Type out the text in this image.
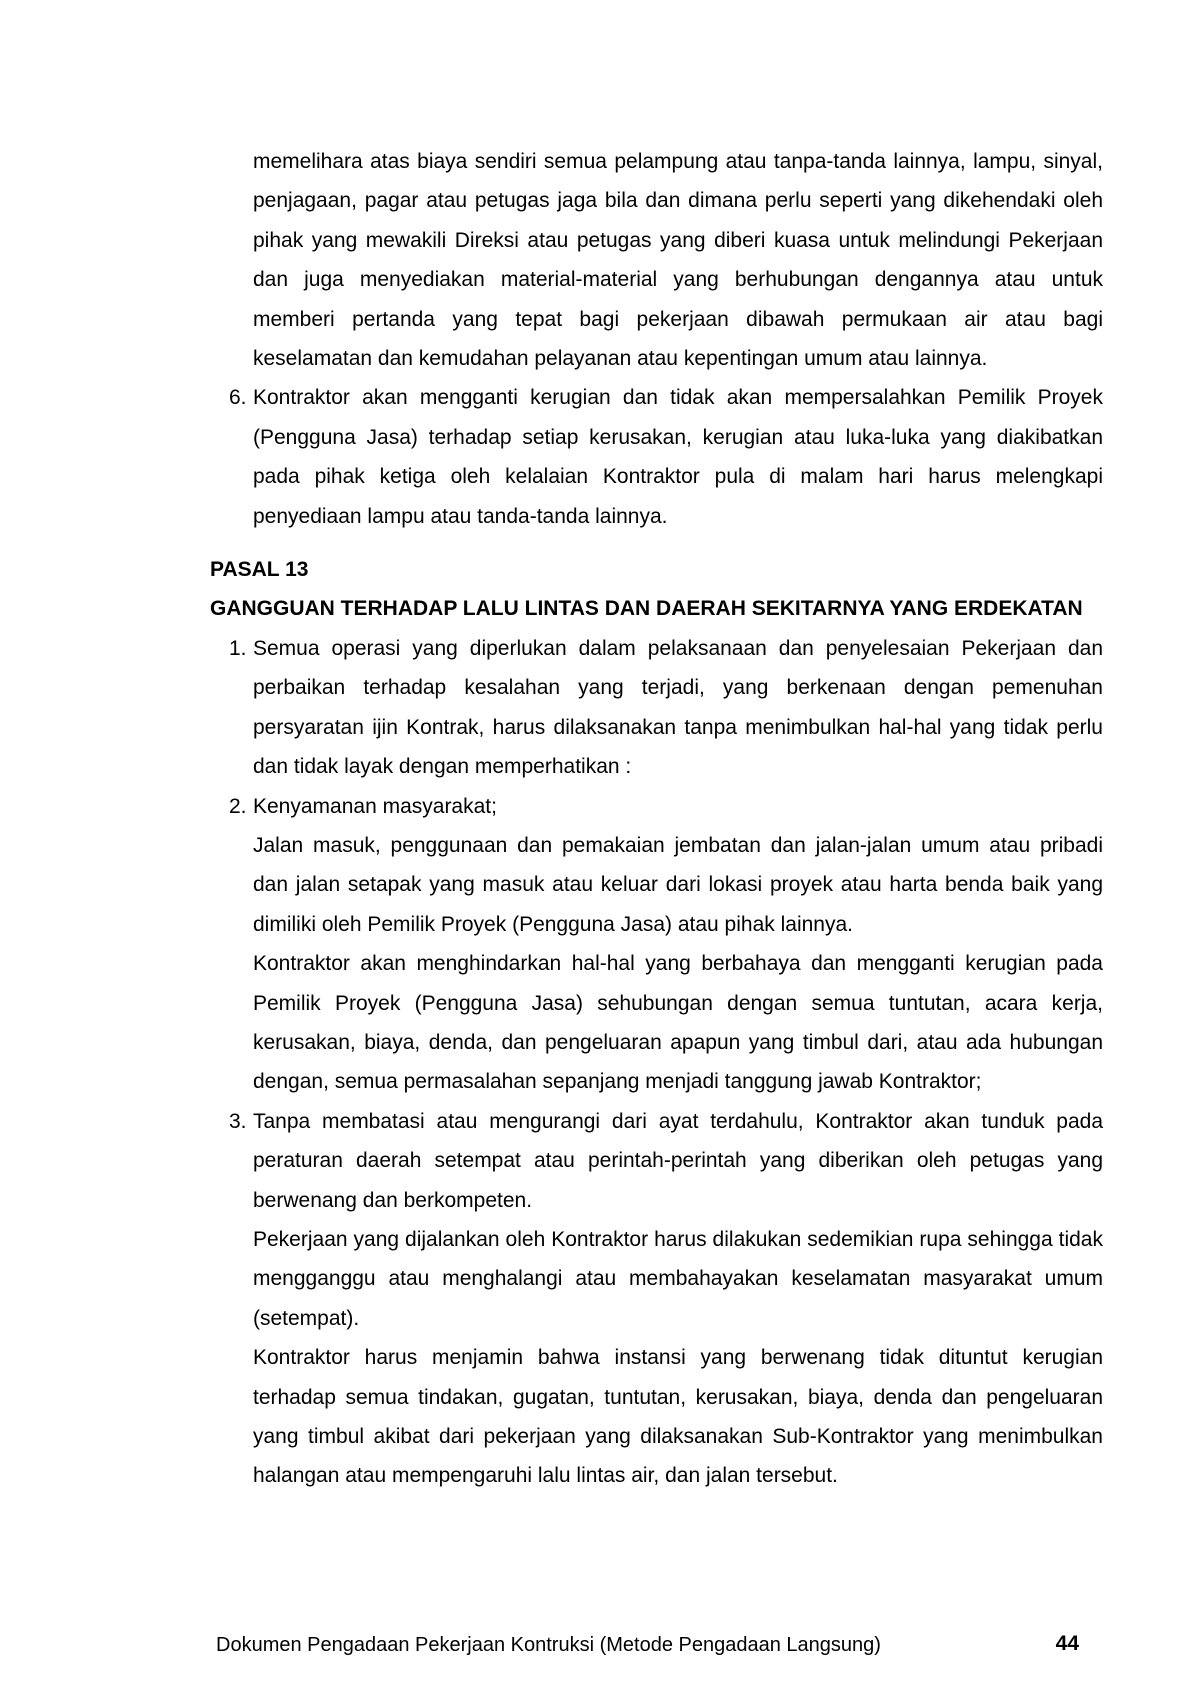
memelihara atas biaya sendiri semua pelampung atau tanpa-tanda lainnya, lampu, sinyal, penjagaan, pagar atau petugas jaga bila dan dimana perlu seperti yang dikehendaki oleh pihak yang mewakili Direksi atau petugas yang diberi kuasa untuk melindungi Pekerjaan dan juga menyediakan material-material yang berhubungan dengannya atau untuk memberi pertanda yang tepat bagi pekerjaan dibawah permukaan air atau bagi keselamatan dan kemudahan pelayanan atau kepentingan umum atau lainnya.

6. Kontraktor akan mengganti kerugian dan tidak akan mempersalahkan Pemilik Proyek (Pengguna Jasa) terhadap setiap kerusakan, kerugian atau luka-luka yang diakibatkan pada pihak ketiga oleh kelalaian Kontraktor pula di malam hari harus melengkapi penyediaan lampu atau tanda-tanda lainnya.
PASAL 13
GANGGUAN TERHADAP LALU LINTAS DAN DAERAH SEKITARNYA YANG ERDEKATAN
1. Semua operasi yang diperlukan dalam pelaksanaan dan penyelesaian Pekerjaan dan perbaikan terhadap kesalahan yang terjadi, yang berkenaan dengan pemenuhan persyaratan ijin Kontrak, harus dilaksanakan tanpa menimbulkan hal-hal yang tidak perlu dan tidak layak dengan memperhatikan :
2. Kenyamanan masyarakat;

Jalan masuk, penggunaan dan pemakaian jembatan dan jalan-jalan umum atau pribadi dan jalan setapak yang masuk atau keluar dari lokasi proyek atau harta benda baik yang dimiliki oleh Pemilik Proyek (Pengguna Jasa) atau pihak lainnya.

Kontraktor akan menghindarkan hal-hal yang berbahaya dan mengganti kerugian pada Pemilik Proyek (Pengguna Jasa) sehubungan dengan semua tuntutan, acara kerja, kerusakan, biaya, denda, dan pengeluaran apapun yang timbul dari, atau ada hubungan dengan, semua permasalahan sepanjang menjadi tanggung jawab Kontraktor;

3. Tanpa membatasi atau mengurangi dari ayat terdahulu, Kontraktor akan tunduk pada peraturan daerah setempat atau perintah-perintah yang diberikan oleh petugas yang berwenang dan berkompeten.

Pekerjaan yang dijalankan oleh Kontraktor harus dilakukan sedemikian rupa sehingga tidak mengganggu atau menghalangi atau membahayakan keselamatan masyarakat umum (setempat).

Kontraktor harus menjamin bahwa instansi yang berwenang tidak dituntut kerugian terhadap semua tindakan, gugatan, tuntutan, kerusakan, biaya, denda dan pengeluaran yang timbul akibat dari pekerjaan yang dilaksanakan Sub-Kontraktor yang menimbulkan halangan atau mempengaruhi lalu lintas air, dan jalan tersebut.

Dokumen Pengadaan Pekerjaan Kontruksi (Metode Pengadaan Langsung)	44
